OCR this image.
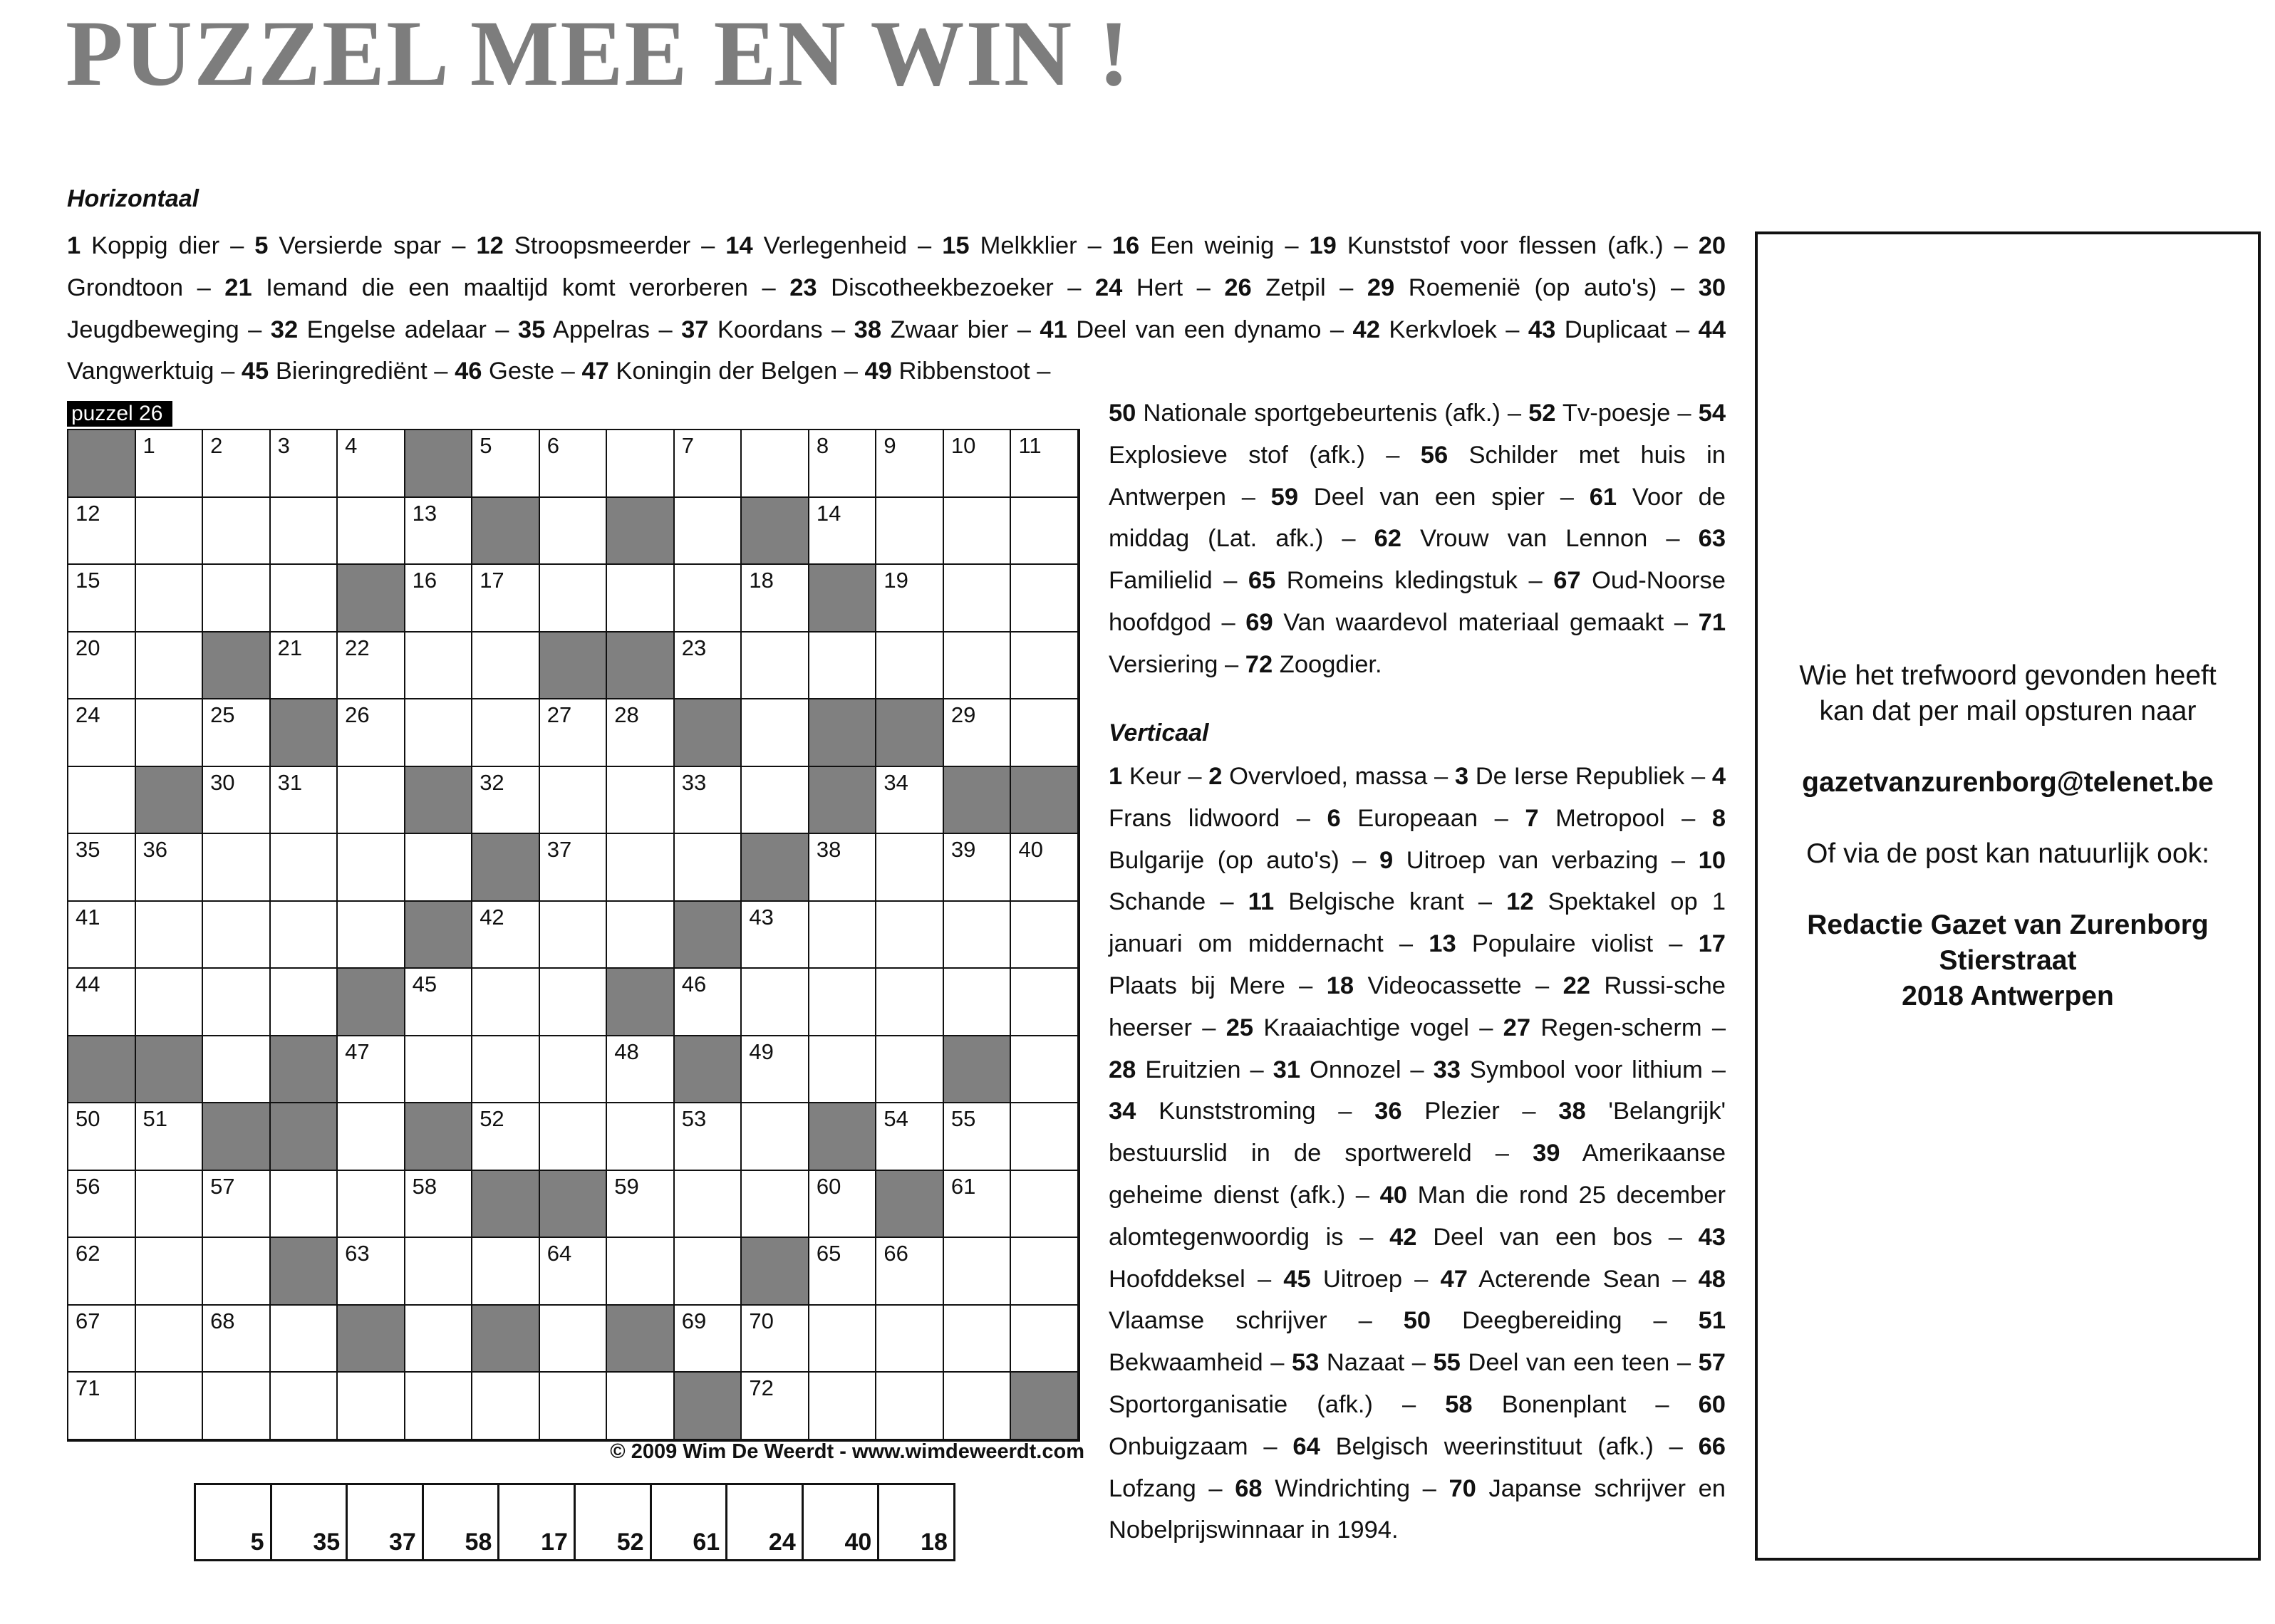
PUZZEL MEE EN WIN !
Horizontaal
1 Koppig dier – 5 Versierde spar – 12 Stroopsmeerder – 14 Verlegenheid – 15 Melkklier – 16 Een weinig – 19 Kunststof voor flessen (afk.) – 20 Grondtoon – 21 Iemand die een maaltijd komt verorberen – 23 Discotheekbezoeker – 24 Hert – 26 Zetpil – 29 Roemenië (op auto's) – 30 Jeugdbeweging – 32 Engelse adelaar – 35 Appelras – 37 Koordans – 38 Zwaar bier – 41 Deel van een dynamo – 42 Kerkvloek – 43 Duplicaat – 44 Vangwerktuig – 45 Bieringrediënt – 46 Geste – 47 Koningin der Belgen – 49 Ribbenstoot –
50 Nationale sportgebeurtenis (afk.) – 52 Tv-poesje – 54 Explosieve stof (afk.) – 56 Schilder met huis in Antwerpen – 59 Deel van een spier – 61 Voor de middag (Lat. afk.) – 62 Vrouw van Lennon – 63 Familielid – 65 Romeins kledingstuk – 67 Oud-Noorse hoofdgod – 69 Van waardevol materiaal gemaakt – 71 Versiering – 72 Zoogdier.
puzzel 26
1 2 3 4	5 6	7	8 9 10 11
12	13	14
15	16 17	18	19
20	21 22	23
24	25	26	27 28	29
30 31	32	33	34
35 36	37	38	39 40
41	42	43
44	45	46
47	48	49
50 51	52	53	54 55
56	57	58	59	60	61
62	63	64	65 66
67	68	69 70
71	72
© 2009 Wim De Weerdt - www.wimdeweerdt.com
5 35 37 58 17 52 61 24 40 18
Verticaal
1 Keur – 2 Overvloed, massa – 3 De Ierse Republiek – 4 Frans lidwoord – 6 Europeaan – 7 Metropool – 8 Bulgarije (op auto's) – 9 Uitroep van verbazing – 10 Schande – 11 Belgische krant – 12 Spektakel op 1 januari om middernacht – 13 Populaire violist – 17 Plaats bij Mere – 18 Videocassette – 22 Russi-sche heerser – 25 Kraaiachtige vogel – 27 Regen-scherm – 28 Eruitzien – 31 Onnozel – 33 Symbool voor lithium – 34 Kunststroming – 36 Plezier – 38 'Belangrijk' bestuurslid in de sportwereld – 39 Amerikaanse geheime dienst (afk.) – 40 Man die rond 25 december alomtegenwoordig is – 42 Deel van een bos – 43 Hoofddeksel – 45 Uitroep – 47 Acterende Sean – 48 Vlaamse schrijver – 50 Deegbereiding – 51 Bekwaamheid – 53 Nazaat – 55 Deel van een teen – 57 Sportorganisatie (afk.) – 58 Bonenplant – 60 Onbuigzaam – 64 Belgisch weerinstituut (afk.) – 66 Lofzang – 68 Windrichting – 70 Japanse schrijver en Nobelprijswinnaar in 1994.
Wie het trefwoord gevonden heeft
kan dat per mail opsturen naar
gazetvanzurenborg@telenet.be
Of via de post kan natuurlijk ook:
Redactie Gazet van Zurenborg
Stierstraat
2018 Antwerpen
